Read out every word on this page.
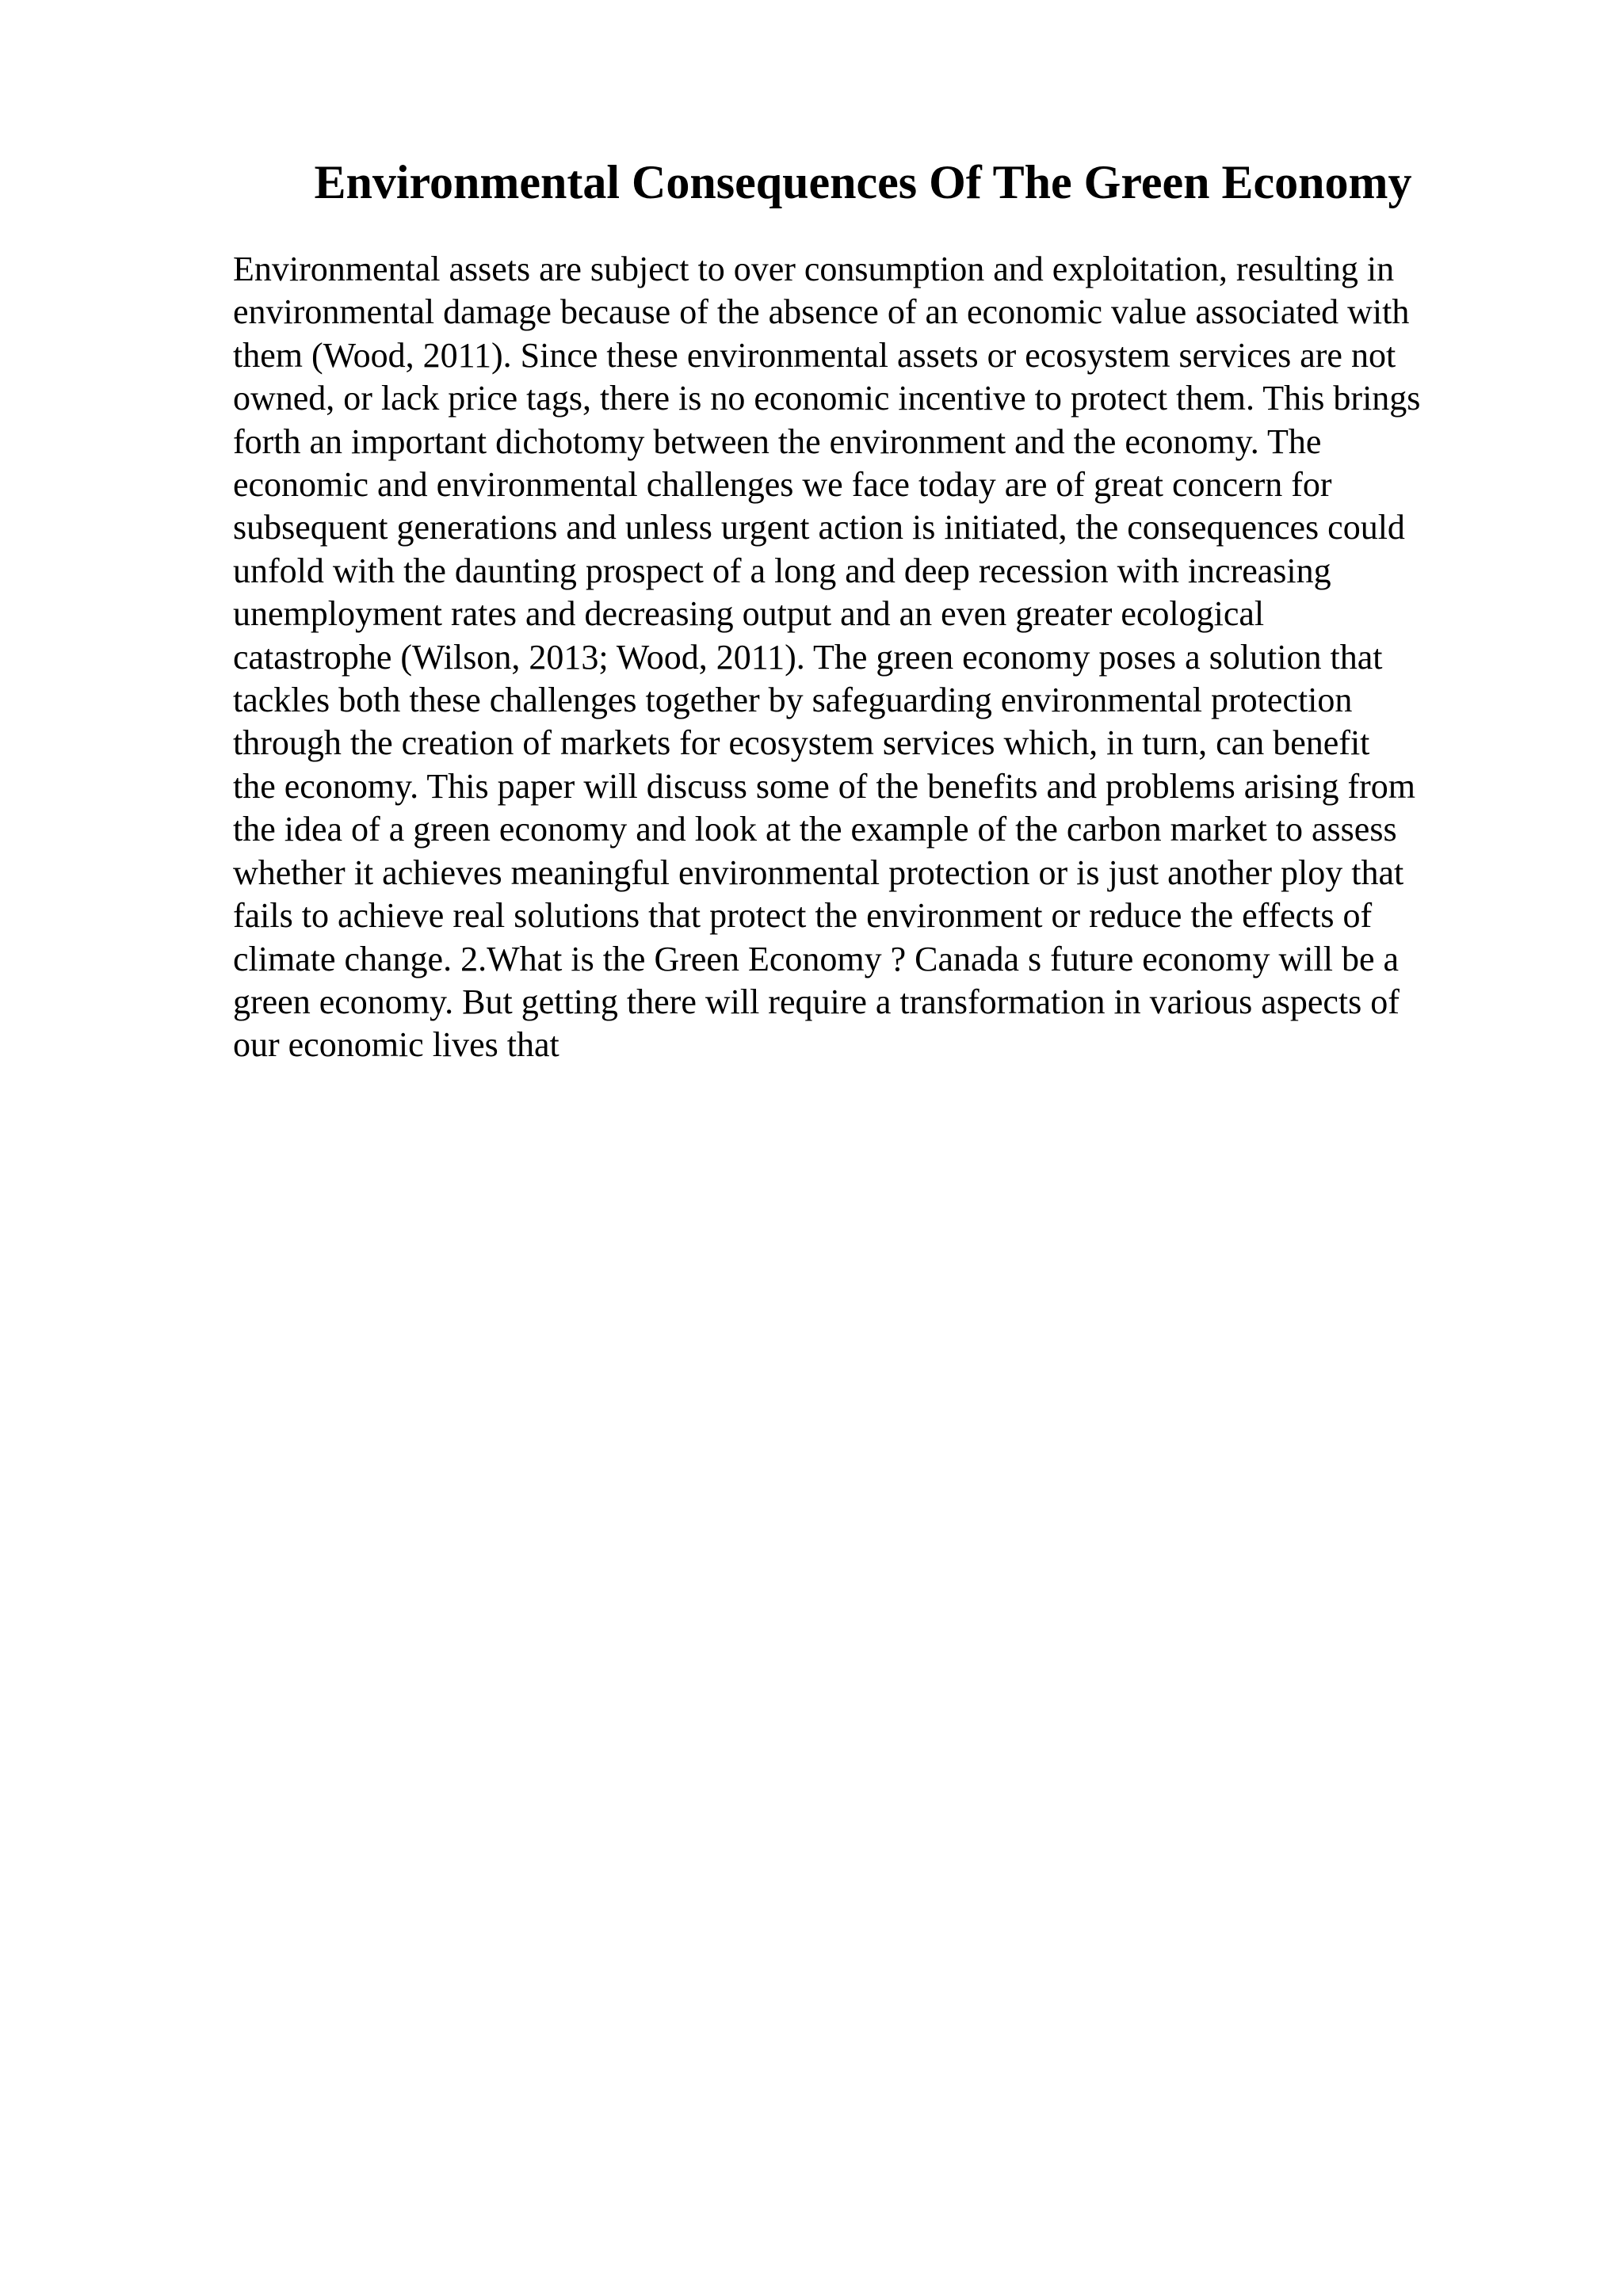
Environmental Consequences Of The Green Economy
Environmental assets are subject to over consumption and exploitation, resulting in
environmental damage because of the absence of an economic value associated with
them (Wood, 2011). Since these environmental assets or ecosystem services are not
owned, or lack price tags, there is no economic incentive to protect them. This brings
forth an important dichotomy between the environment and the economy. The
economic and environmental challenges we face today are of great concern for
subsequent generations and unless urgent action is initiated, the consequences could
unfold with the daunting prospect of a long and deep recession with increasing
unemployment rates and decreasing output and an even greater ecological
catastrophe (Wilson, 2013; Wood, 2011). The green economy poses a solution that
tackles both these challenges together by safeguarding environmental protection
through the creation of markets for ecosystem services which, in turn, can benefit
the economy. This paper will discuss some of the benefits and problems arising from
the idea of a green economy and look at the example of the carbon market to assess
whether it achieves meaningful environmental protection or is just another ploy that
fails to achieve real solutions that protect the environment or reduce the effects of
climate change. 2.What is the Green Economy ? Canada s future economy will be a
green economy. But getting there will require a transformation in various aspects of
our economic lives that
